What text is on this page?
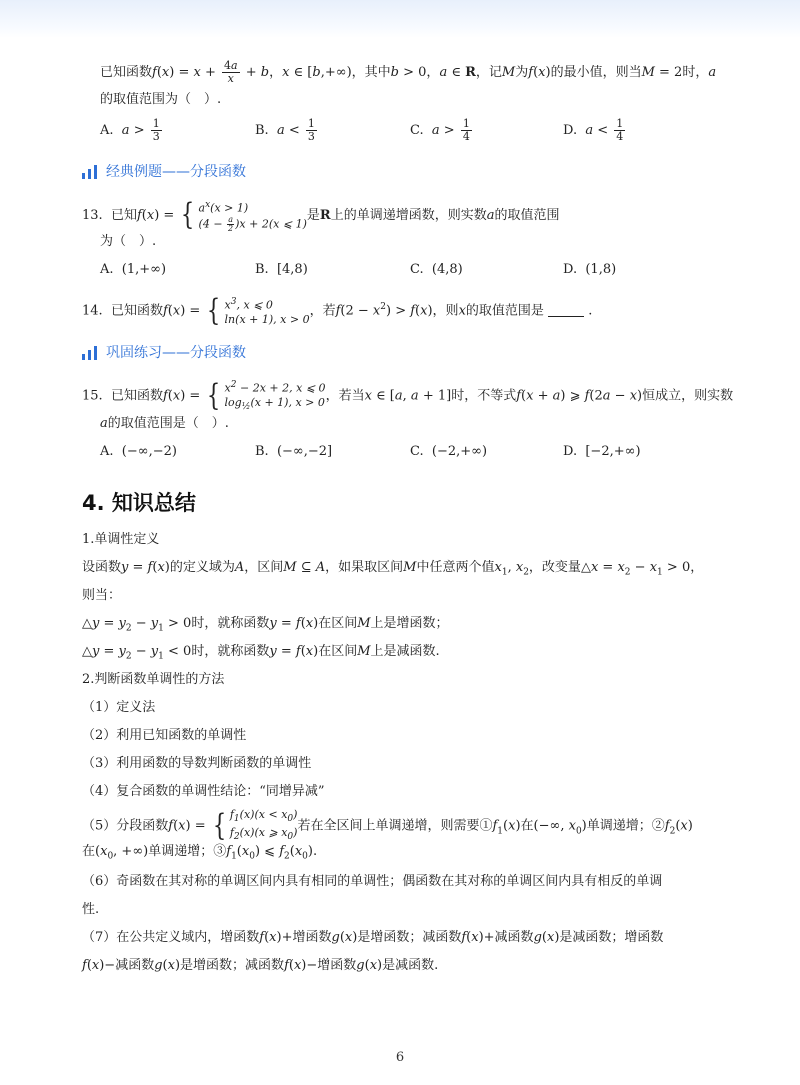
已知函数$f(x) = x + \frac{4a}{x} + b$，x ∈ [b,+∞)，其中b > 0，a ∈ R，记M为f(x)的最小值，则当M = 2时，a
的取值范围为（　）.
A. $a > \frac{1}{3}$	B. $a < \frac{1}{3}$	C. $a > \frac{1}{4}$	D. $a < \frac{1}{4}$
经典例题——分段函数
13. 已知f(x) = { $a^x(x > 1)$
$(4 - \frac{a}{2} )x + 2(x$ ⩽ 1)
是R上的单调递增函数，则实数a的取值范围
为（　）.
A. (1,+∞)	B. [4,8)	C. (4,8)	D. (1,8)
14. 已知函数f(x) = { $x^3$, x ⩽ 0
ln(x + 1), x > 0
，若$f(2 - x^2) > f(x)$，则x的取值范围是	.
巩固练习——分段函数
15. 已知函数f(x) = { $x^2 - 2x + 2$, x ⩽ 0
$\log_{\frac{1}{2}}(x + 1)$, x > 0 ，若当x ∈ [a, a + 1]时，不等式f(x + a) ⩾ f(2a − x)恒成立，则实数
a的取值范围是（　）.
A. (−∞,−2)	B. (−∞,−2]	C. (−2,+∞)	D. [−2,+∞)
4. 知识总结
1.单调性定义
设函数y = f(x)的定义域为A，区间M ⊆ A，如果取区间M中任意两个值$x_1$, $x_2$，改变量△x = $x_2 - x_1 > 0$，
则当：
△y = $y_2 - y_1 > 0$时，就称函数y = f(x)在区间M上是增函数；
△y = $y_2 - y_1 < 0$时，就称函数y = f(x)在区间M上是减函数.
2.判断函数单调性的方法
（1）定义法
（2）利用已知函数的单调性
（3）利用函数的导数判断函数的单调性
（4）复合函数的单调性结论：“同增异减”
（5）分段函数f(x) = { $f_1(x)(x < x_0)$
$f_2(x)(x$ ⩾ $x_0$) 若在全区间上单调递增，则需要$①f_1(x)$在(−∞, $x_0$)单调递增；$②f_2(x)$
在($x_0$, +∞)单调递增；$③f_1(x_0)$ ⩽ $f_2(x_0)$.
（6）奇函数在其对称的单调区间内具有相同的单调性；偶函数在其对称的单调区间内具有相反的单调
性.
（7）在公共定义域内，增函数f(x)+增函数g(x)是增函数；减函数f(x)+减函数g(x)是减函数；增函数
f(x)−减函数g(x)是增函数；减函数f(x)−增函数g(x)是减函数.
6
